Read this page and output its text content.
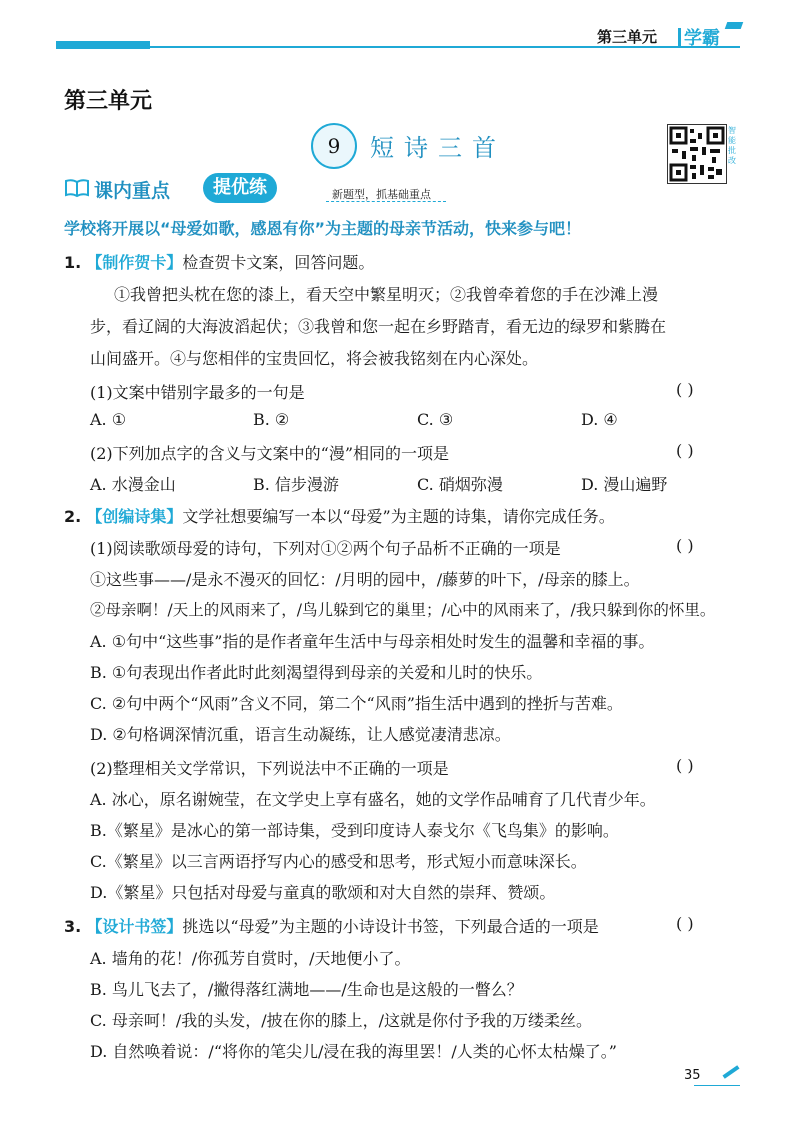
第三单元 学霸
第三单元
9	短诗三首
智能批改
课内重点	提优练	新题型，抓基础重点
学校将开展以“母爱如歌，感恩有你”为主题的母亲节活动，快来参与吧！
1. 【制作贺卡】检查贺卡文案，回答问题。
①我曾把头枕在您的漆上，看天空中繁星明灭；②我曾牵着您的手在沙滩上漫
步，看辽阔的大海波滔起伏；③我曾和您一起在乡野踏青，看无边的绿罗和紫腾在
山间盛开。④与您相伴的宝贵回忆，将会被我铭刻在内心深处。
(1)文案中错别字最多的一句是	( )
A. ①	B. ②	C. ③	D. ④
(2)下列加点字的含义与文案中的“漫”相同的一项是	( )
A. 水漫金山	B. 信步漫游	C. 硝烟弥漫	D. 漫山遍野
2. 【创编诗集】文学社想要编写一本以“母爱”为主题的诗集，请你完成任务。
(1)阅读歌颂母爱的诗句，下列对①②两个句子品析不正确的一项是	( )
①这些事——/是永不漫灭的回忆：/月明的园中，/藤萝的叶下，/母亲的膝上。
②母亲啊！/天上的风雨来了，/鸟儿躲到它的巢里；/心中的风雨来了，/我只躲到你的怀里。
A. ①句中“这些事”指的是作者童年生活中与母亲相处时发生的温馨和幸福的事。
B. ①句表现出作者此时此刻渴望得到母亲的关爱和儿时的快乐。
C. ②句中两个“风雨”含义不同，第二个“风雨”指生活中遇到的挫折与苦难。
D. ②句格调深情沉重，语言生动凝练，让人感觉凄清悲凉。
(2)整理相关文学常识，下列说法中不正确的一项是	( )
A. 冰心，原名谢婉莹，在文学史上享有盛名，她的文学作品哺育了几代青少年。
B.《繁星》是冰心的第一部诗集，受到印度诗人泰戈尔《飞鸟集》的影响。
C.《繁星》以三言两语抒写内心的感受和思考，形式短小而意味深长。
D.《繁星》只包括对母爱与童真的歌颂和对大自然的崇拜、赞颂。
3. 【设计书签】挑选以“母爱”为主题的小诗设计书签，下列最合适的一项是	( )
A. 墙角的花！/你孤芳自赏时，/天地便小了。
B. 鸟儿飞去了，/撇得落红满地——/生命也是这般的一瞥么？
C. 母亲呵！/我的头发，/披在你的膝上，/这就是你付予我的万缕柔丝。
D. 自然唤着说：/“将你的笔尖儿/浸在我的海里罢！/人类的心怀太枯燥了。”
35
